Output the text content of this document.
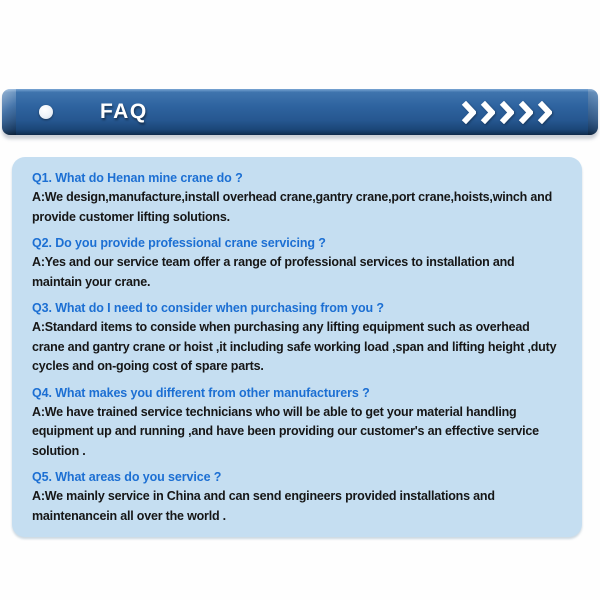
FAQ
Q1. What do Henan mine crane do ?
A:We design,manufacture,install overhead crane,gantry crane,port crane,hoists,winch and provide customer lifting solutions.
Q2. Do you provide professional crane servicing ?
A:Yes and our service team offer a range of professional services to installation and maintain your crane.
Q3. What do I need to consider when purchasing from you ?
A:Standard items to conside when purchasing any lifting equipment such as overhead crane and gantry crane or hoist ,it including safe working load ,span and lifting height ,duty cycles and on-going cost of spare parts.
Q4. What makes you different from other manufacturers ?
A:We have trained service technicians who will be able to get your material handling equipment up and running ,and have been providing our customer's an effective service solution .
Q5. What areas do you service ?
A:We mainly service in China and can send engineers provided installations and maintenancein all over the world .
